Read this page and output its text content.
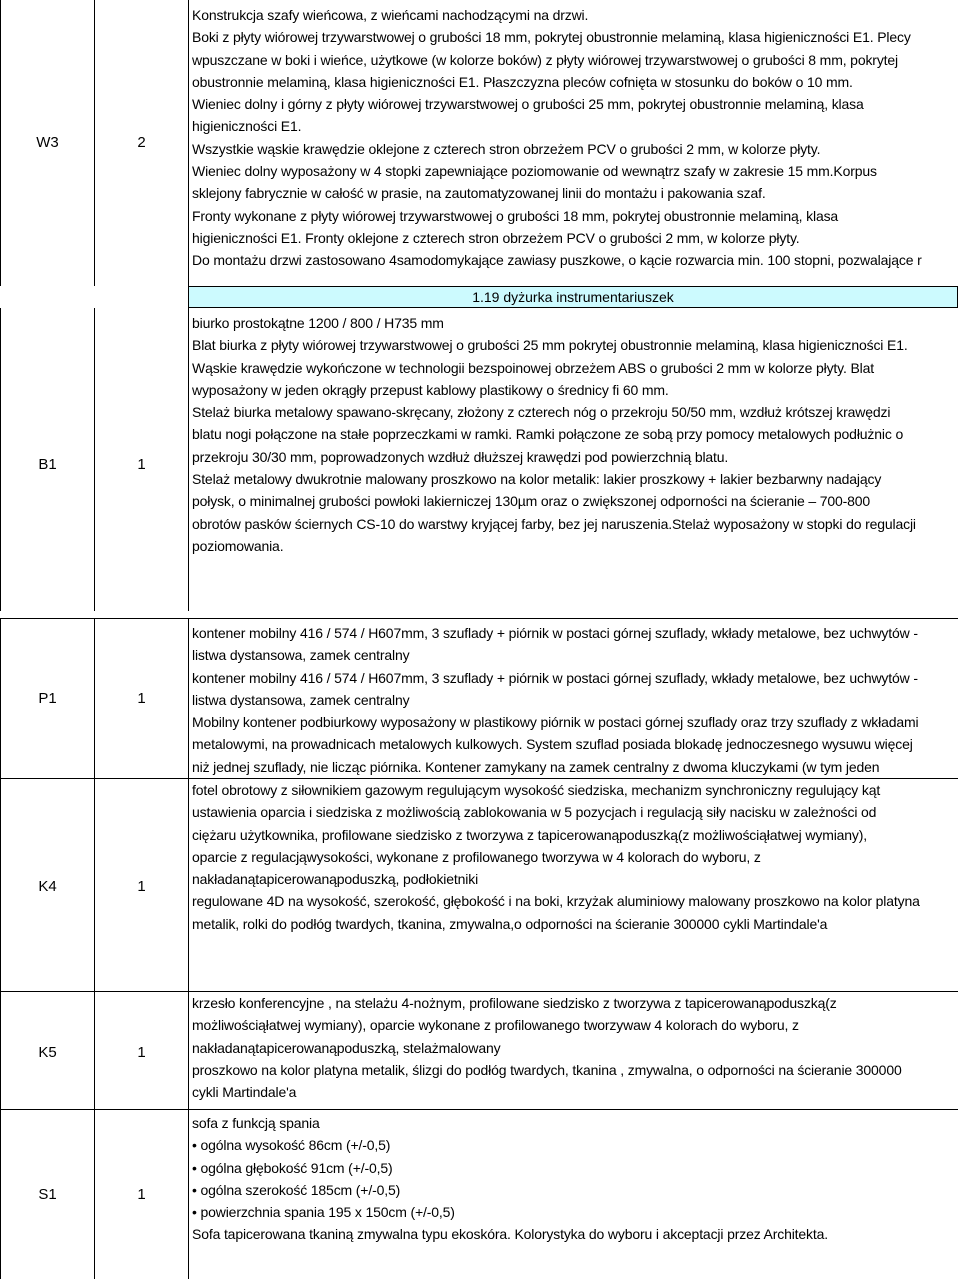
W3	2
Konstrukcja szafy wieńcowa, z wieńcami nachodzącymi na drzwi.
Boki z płyty wiórowej trzywarstwowej o grubości 18 mm, pokrytej obustronnie melaminą, klasa higieniczności E1. Plecy
wpuszczane w boki i wieńce, użytkowe (w kolorze boków) z płyty wiórowej trzywarstwowej o grubości 8 mm, pokrytej
obustronnie melaminą, klasa higieniczności E1. Płaszczyzna pleców cofnięta w stosunku do boków o 10 mm.
Wieniec dolny i górny z płyty wiórowej trzywarstwowej o grubości 25 mm, pokrytej obustronnie melaminą, klasa
higieniczności E1.
Wszystkie wąskie krawędzie oklejone z czterech stron obrzeżem PCV o grubości 2 mm, w kolorze płyty.
Wieniec dolny wyposażony w 4 stopki zapewniające poziomowanie od wewnątrz szafy w zakresie 15 mm.Korpus
sklejony fabrycznie w całość w prasie, na zautomatyzowanej linii do montażu i pakowania szaf.
Fronty wykonane z płyty wiórowej trzywarstwowej o grubości 18 mm, pokrytej obustronnie melaminą, klasa
higieniczności E1. Fronty oklejone z czterech stron obrzeżem PCV o grubości 2 mm, w kolorze płyty.
Do montażu drzwi zastosowano 4samodomykające zawiasy puszkowe, o kącie rozwarcia min. 100 stopni, pozwalające r
1.19 dyżurka instrumentariuszek
B1	1
biurko prostokątne 1200 / 800 / H735 mm
Blat biurka z płyty wiórowej trzywarstwowej o grubości 25 mm pokrytej obustronnie melaminą, klasa higieniczności E1.
Wąskie krawędzie wykończone w technologii bezspoinowej obrzeżem ABS o grubości 2 mm w kolorze płyty. Blat
wyposażony w jeden okrągły przepust kablowy plastikowy o średnicy fi 60 mm.
Stelaż biurka metalowy spawano-skręcany, złożony z czterech nóg o przekroju 50/50 mm, wzdłuż krótszej krawędzi
blatu nogi połączone na stałe poprzeczkami w ramki. Ramki połączone ze sobą przy pomocy metalowych podłużnic o
przekroju 30/30 mm, poprowadzonych wzdłuż dłuższej krawędzi pod powierzchnią blatu.
Stelaż metalowy dwukrotnie malowany proszkowo na kolor metalik: lakier proszkowy + lakier bezbarwny nadający
połysk, o minimalnej grubości powłoki lakierniczej 130µm oraz o zwiększonej odporności na ścieranie – 700-800
obrotów pasków ściernych CS-10 do warstwy kryjącej farby, bez jej naruszenia.Stelaż wyposażony w stopki do regulacji
poziomowania.
P1	1
kontener mobilny 416 / 574 / H607mm, 3 szuflady + piórnik w postaci górnej szuflady, wkłady metalowe, bez uchwytów -
listwa dystansowa, zamek centralny
kontener mobilny 416 / 574 / H607mm, 3 szuflady + piórnik w postaci górnej szuflady, wkłady metalowe, bez uchwytów -
listwa dystansowa, zamek centralny
Mobilny kontener podbiurkowy wyposażony w plastikowy piórnik w postaci górnej szuflady oraz trzy szuflady z wkładami
metalowymi, na prowadnicach metalowych kulkowych. System szuflad posiada blokadę jednoczesnego wysuwu więcej
niż jednej szuflady, nie licząc piórnika. Kontener zamykany na zamek centralny z dwoma kluczykami (w tym jeden
K4	1
fotel obrotowy z siłownikiem gazowym regulującym wysokość siedziska, mechanizm synchroniczny regulujący kąt
ustawienia oparcia i siedziska z możliwością zablokowania w 5 pozycjach i regulacją siły nacisku w zależności od
ciężaru użytkownika, profilowane siedzisko z tworzywa z tapicerowanąpoduszką(z możliwościąłatwej wymiany),
oparcie z regulacjąwysokości, wykonane z profilowanego tworzywa w 4 kolorach do wyboru, z
nakładanątapicerowanąpoduszką, podłokietniki
regulowane 4D na wysokość, szerokość, głębokość i na boki, krzyżak aluminiowy malowany proszkowo na kolor platyna
metalik, rolki do podłóg twardych, tkanina, zmywalna,o odporności na ścieranie 300000 cykli Martindale'a
K5	1
krzesło konferencyjne , na stelażu 4-nożnym, profilowane siedzisko z tworzywa z tapicerowanąpoduszką(z
możliwościąłatwej wymiany), oparcie wykonane z profilowanego tworzywaw 4 kolorach do wyboru, z
nakładanątapicerowanąpoduszką, stelażmalowany
proszkowo na kolor platyna metalik, ślizgi do podłóg twardych, tkanina , zmywalna, o odporności na ścieranie 300000
cykli Martindale'a
S1	1
sofa z funkcją spania
• ogólna wysokość 86cm (+/-0,5)
• ogólna głębokość 91cm (+/-0,5)
• ogólna szerokość 185cm (+/-0,5)
• powierzchnia spania 195 x 150cm (+/-0,5)
Sofa tapicerowana tkaniną zmywalna typu ekoskóra. Kolorystyka do wyboru i akceptacji przez Architekta.
